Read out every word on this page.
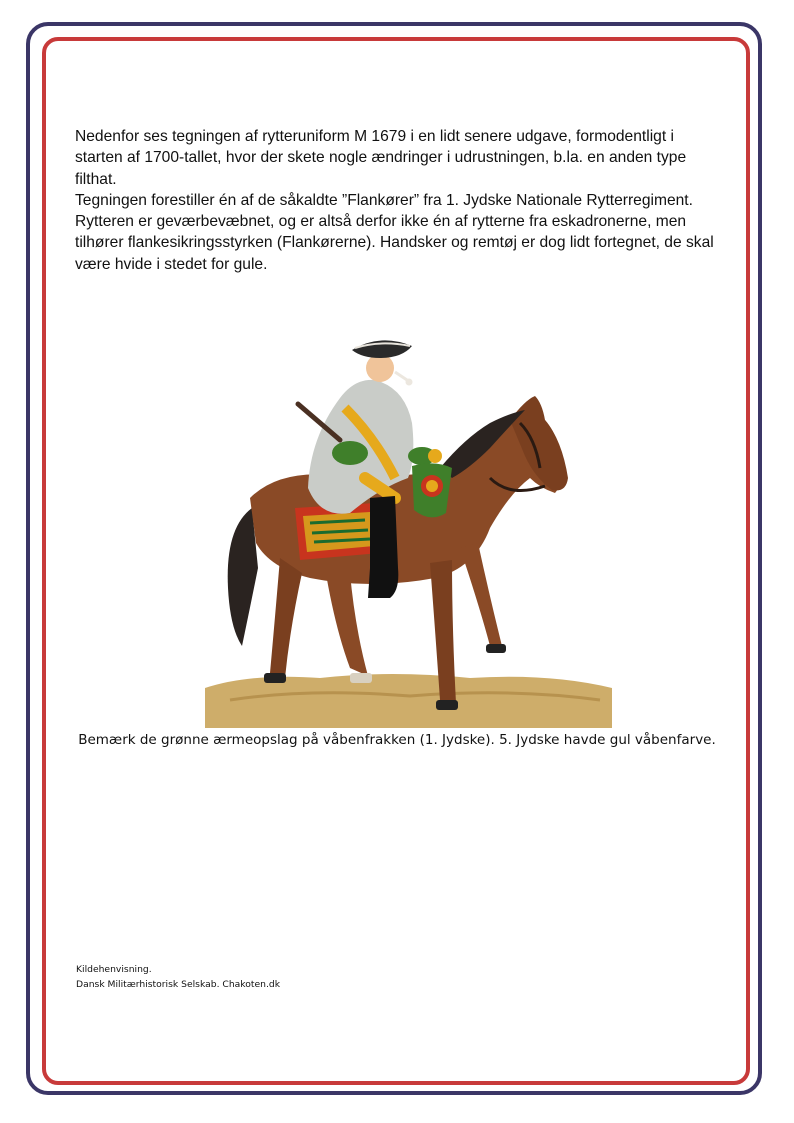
Nedenfor ses tegningen af rytteruniform M 1679 i en lidt senere udgave, formodentligt i starten af 1700-tallet, hvor der skete nogle ændringer i udrustningen, b.la. en anden type filthat.

Tegningen forestiller én af de såkaldte ”Flankører” fra 1. Jydske Nationale Rytterregiment. Rytteren er geværbevæbnet, og er altså derfor ikke én af rytterne fra eskadronerne, men tilhører flankesikringsstyrken (Flankørerne). Handsker og remtøj er dog lidt fortegnet, de skal være hvide i stedet for gule.

Bemærk de grønne ærmeopslag på våbenfrakken (1. Jydske). 5. Jydske havde gul våbenfarve.
Kildehenvisning.
Dansk Militærhistorisk Selskab. Chakoten.dk
